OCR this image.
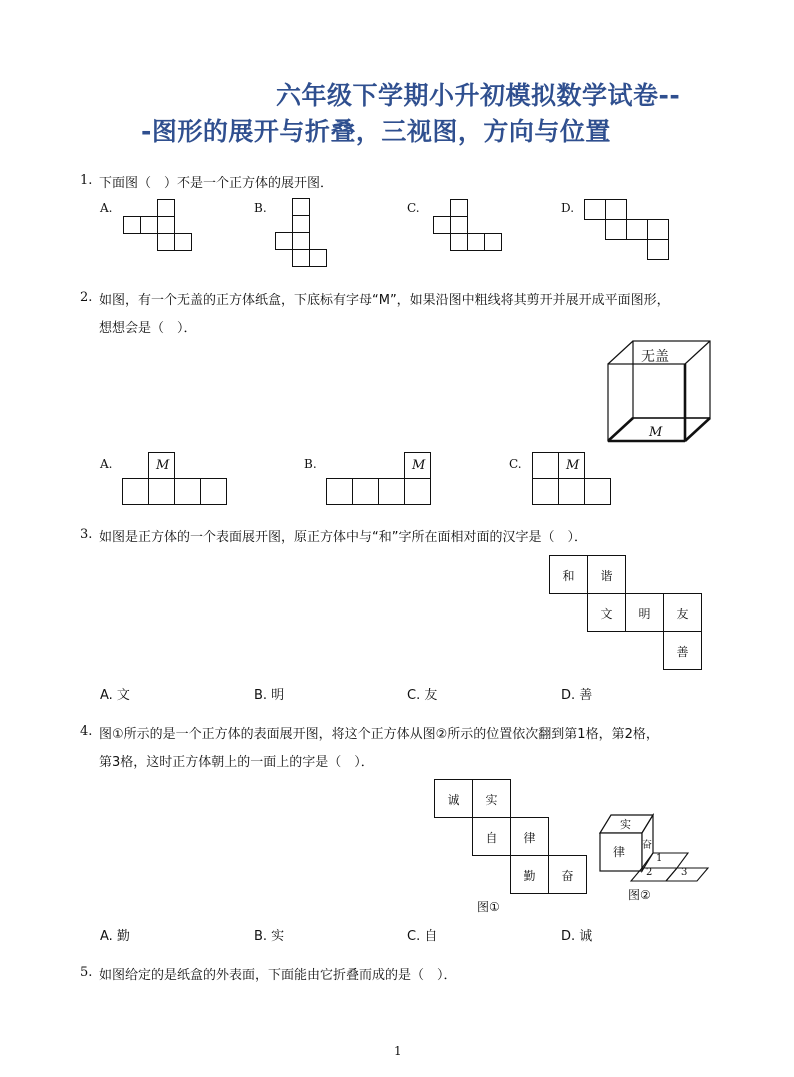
六年级下学期小升初模拟数学试卷--
-图形的展开与折叠，三视图，方向与位置
1. 下面图（　）不是一个正方体的展开图．
A.	B.	C.	D.
2. 如图，有一个无盖的正方体纸盒，下底标有字母“M”，如果沿图中粗线将其剪开并展开成平面图形，
想想会是（　）．
无盖
M
A.	M	B.	M	C.	M
3. 如图是正方体的一个表面展开图，原正方体中与“和”字所在面相对面的汉字是（　）．
和	谐
文	明	友
善
A. 文	B. 明	C. 友	D. 善
4. 图①所示的是一个正方体的表面展开图，将这个正方体从图②所示的位置依次翻到第1格，第2格，
第3格，这时正方体朝上的一面上的字是（　）．
诚	实
自	律
勤	奋
图①
实
律 奋
1
2	3
图②
A. 勤	B. 实	C. 自	D. 诚
5. 如图给定的是纸盒的外表面，下面能由它折叠而成的是（　）．
1
